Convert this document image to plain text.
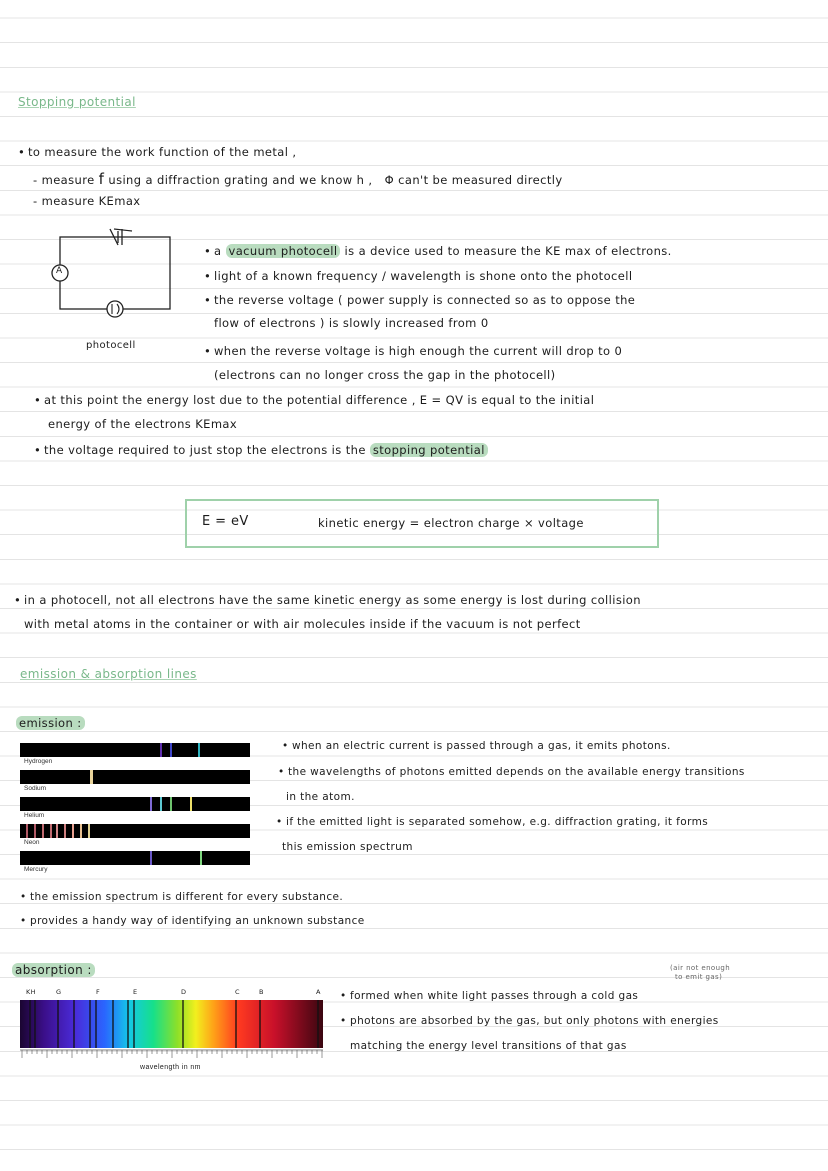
Stopping potential
• to measure the work function of the metal ,
- measure f using a diffraction grating and we know h , Φ can't be measured directly
- measure KEmax
A
photocell
• a vacuum photocell is a device used to measure the KE max of electrons.
• light of a known frequency / wavelength is shone onto the photocell
• the reverse voltage ( power supply is connected so as to oppose the
flow of electrons ) is slowly increased from 0
• when the reverse voltage is high enough the current will drop to 0
(electrons can no longer cross the gap in the photocell)
• at this point the energy lost due to the potential difference , E = QV is equal to the initial
energy of the electrons KEmax
• the voltage required to just stop the electrons is the stopping potential
E = eV	kinetic energy = electron charge × voltage
• in a photocell, not all electrons have the same kinetic energy as some energy is lost during collision
with metal atoms in the container or with air molecules inside if the vacuum is not perfect
emission & absorption lines
emission :
Hydrogen
Sodium
Helium
Neon
Mercury
• when an electric current is passed through a gas, it emits photons.
• the wavelengths of photons emitted depends on the available energy transitions
in the atom.
• if the emitted light is separated somehow, e.g. diffraction grating, it forms
this emission spectrum
• the emission spectrum is different for every substance.
• provides a handy way of identifying an unknown substance
absorption :
KH	G	F	E	D	C	B	A
wavelength in nm
(air not enough
to emit gas)
• formed when white light passes through a cold gas
• photons are absorbed by the gas, but only photons with energies
matching the energy level transitions of that gas
